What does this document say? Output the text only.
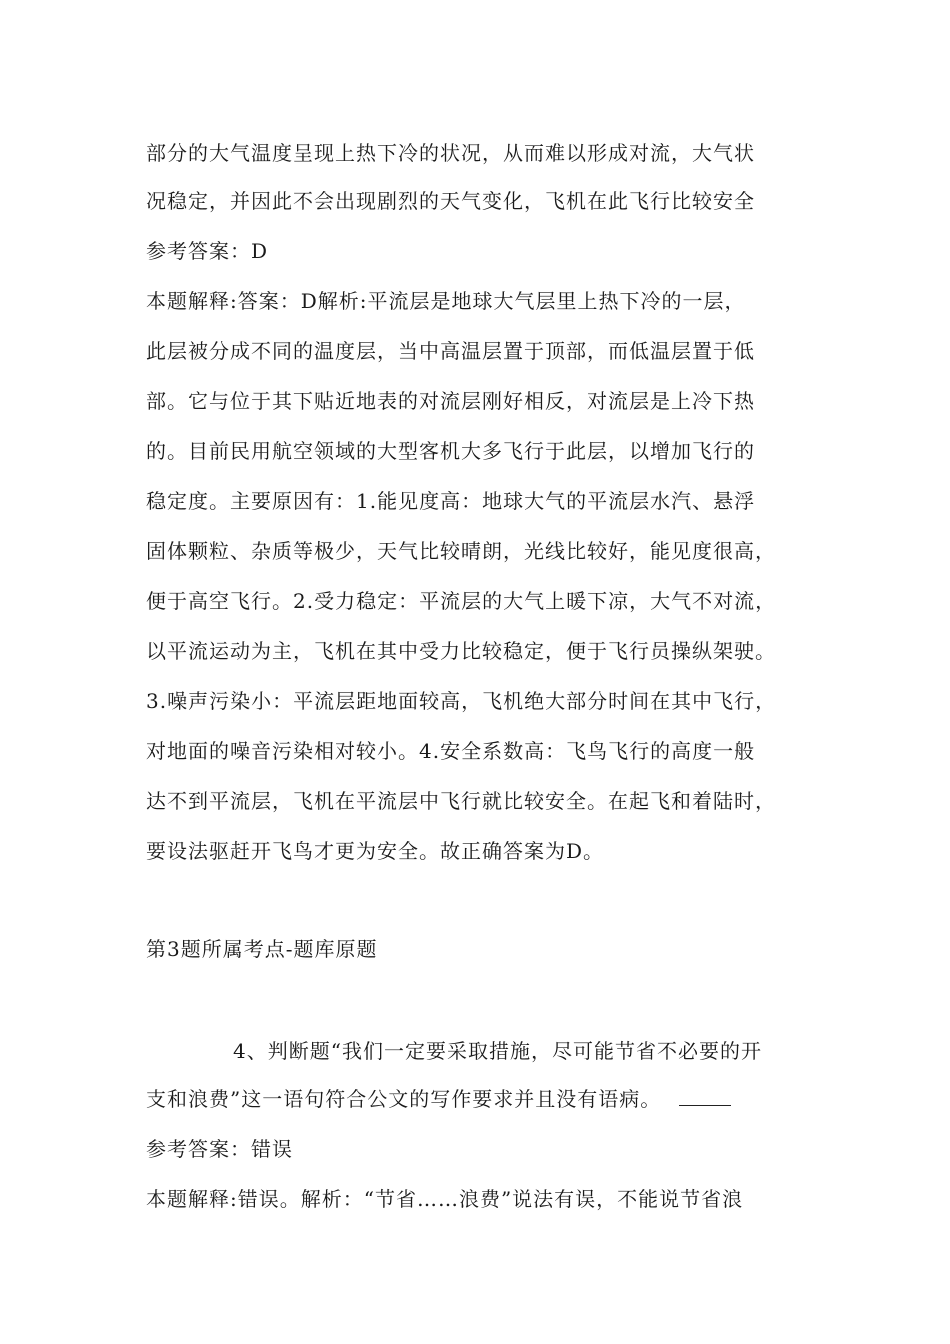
部分的大气温度呈现上热下冷的状况，从而难以形成对流，大气状
况稳定，并因此不会出现剧烈的天气变化，飞机在此飞行比较安全
参考答案：D
本题解释:答案：D解析:平流层是地球大气层里上热下冷的一层，
此层被分成不同的温度层，当中高温层置于顶部，而低温层置于低
部。它与位于其下贴近地表的对流层刚好相反，对流层是上冷下热
的。目前民用航空领域的大型客机大多飞行于此层，以增加飞行的
稳定度。主要原因有：1.能见度高：地球大气的平流层水汽、悬浮
固体颗粒、杂质等极少，天气比较晴朗，光线比较好，能见度很高，
便于高空飞行。2.受力稳定：平流层的大气上暖下凉，大气不对流，
以平流运动为主，飞机在其中受力比较稳定，便于飞行员操纵架驶。
3.噪声污染小：平流层距地面较高，飞机绝大部分时间在其中飞行，
对地面的噪音污染相对较小。4.安全系数高：飞鸟飞行的高度一般
达不到平流层，飞机在平流层中飞行就比较安全。在起飞和着陆时，
要设法驱赶开飞鸟才更为安全。故正确答案为D。
第3题所属考点-题库原题
4、判断题“我们一定要采取措施，尽可能节省不必要的开
支和浪费”这一语句符合公文的写作要求并且没有语病。
参考答案：错误
本题解释:错误。解析：“节省……浪费”说法有误，不能说节省浪
